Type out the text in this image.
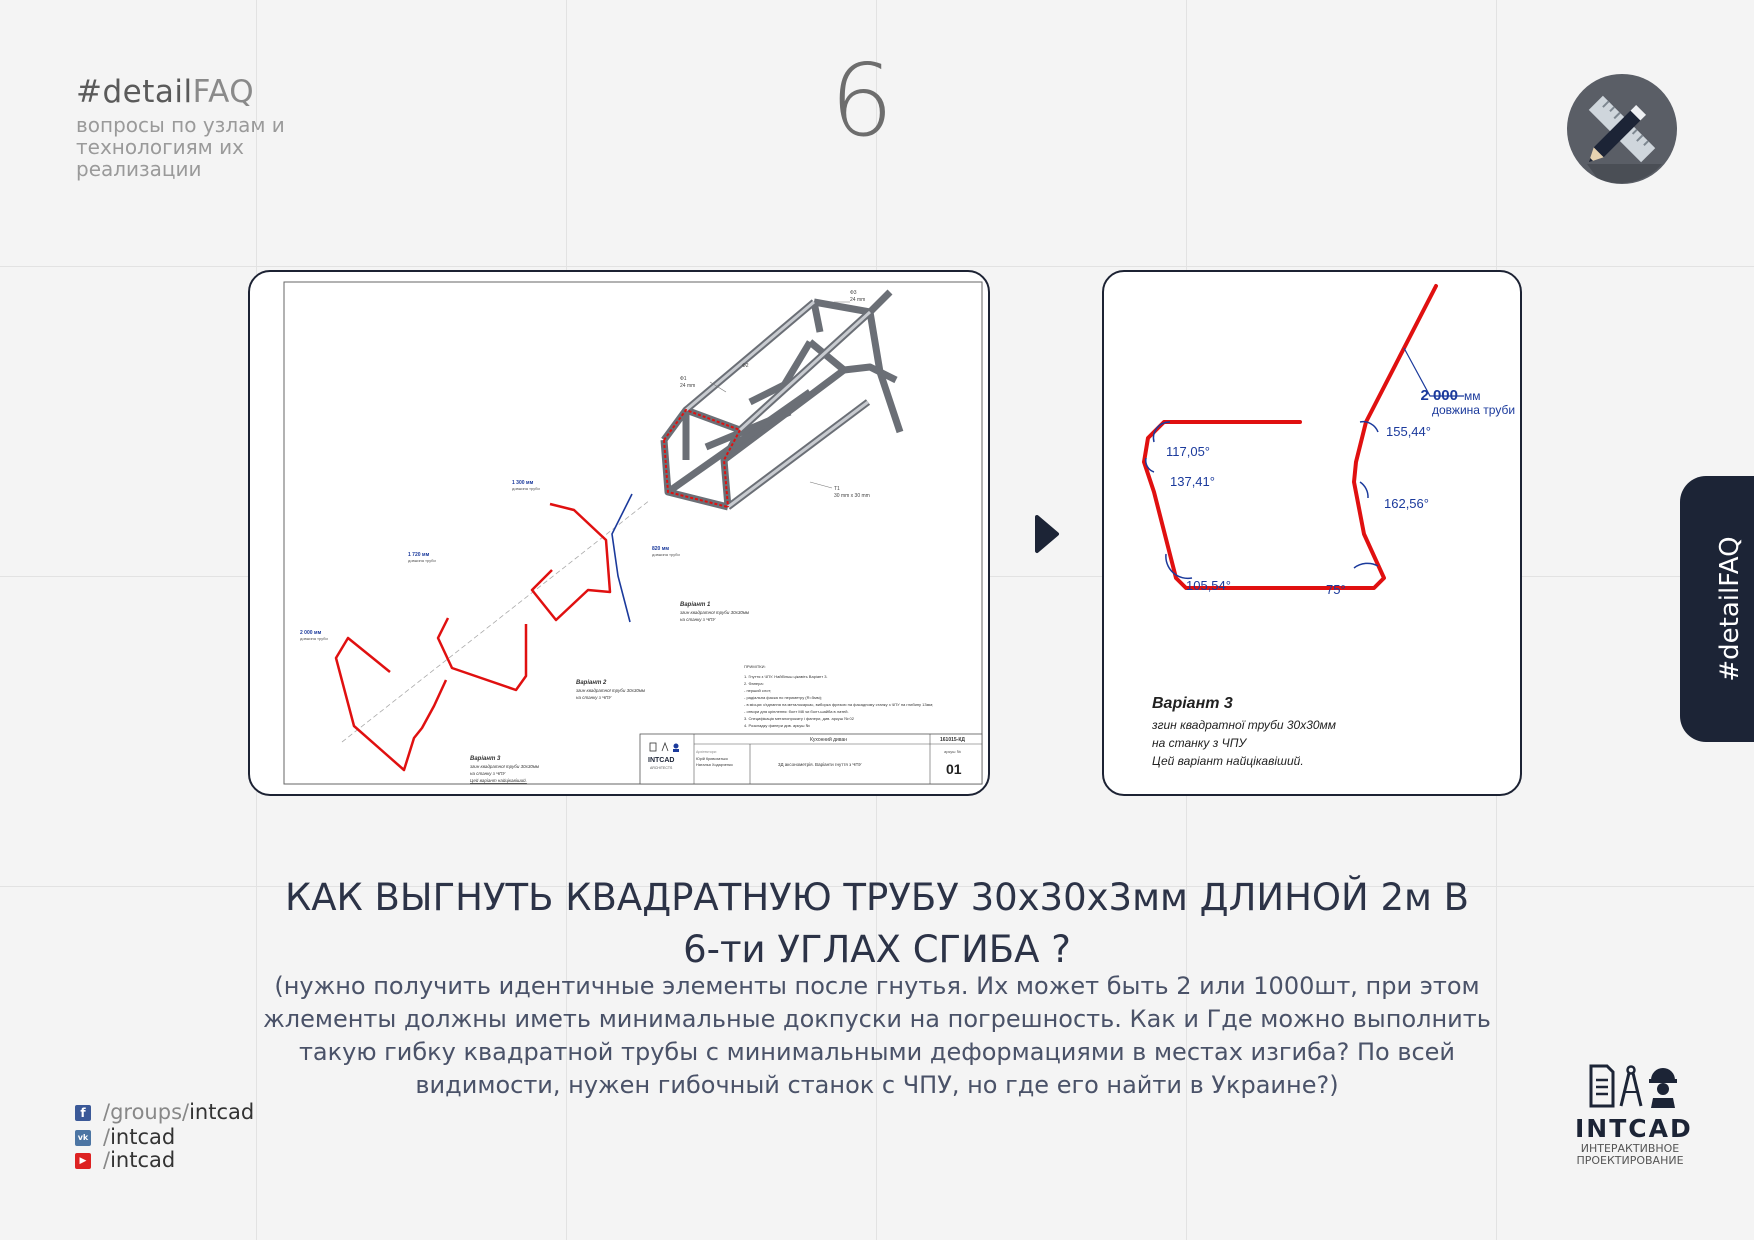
#detailFAQ
вопросы по узлам и технологиям их реализации
6
Ф3
24 mm
Ф2
Ф1
24 mm
Т1
30 mm x 30 mm
1 300 мм
1 720 мм
2 000 мм
820 мм
довжина труби
довжина труби
довжина труби
довжина труби
Варіант 1
згин квадратної труби 30х30мм
на станку з ЧПУ
Варіант 2
згин квадратної труби 30х30мм
на станку з ЧПУ
Варіант 3
згин квадратної труби 30х30мм
на станку з ЧПУ
Цей варіант найцікавіший.
ПРИМІТКИ:
1. Гнуття з ЧПУ. Найбільш цікавіть Варіант 3.
2. Фанера:
- перший слот;
- радіальна фаска по периметру (R=5мм);
- в місцях з'єднання на металокаркас, виборка фрезою на фасадному станку з ЧПУ на глибину 13мм;
- отвори для кріплення: болт М8 чи болт-шайба в латей.
3. Специфікація металопрокату і фанери, див. аркуш № 02
4. Розкладку фанери див. аркуш №
Кухонний диван	161015-КД
аркуш №
01
3Д аксонометрія. Варіанти гнуття з ЧПУ
Архітектори:
Юрій Кривохатько
Наталья Ходарченко
INTCAD
ARCHITECTS
2 000 мм
довжина труби
117,05°
137,41°
105,54°	75°
162,56°
155,44°
Варіант 3
згин квадратної труби 30х30мм
на станку з ЧПУ
Цей варіант найцікавіший.
#detailFAQ
КАК ВЫГНУТЬ КВАДРАТНУЮ ТРУБУ 30х30х3мм ДЛИНОЙ 2м В
6-ти УГЛАХ СГИБА ?
(нужно получить идентичные элементы после гнутья. Их может быть 2 или 1000шт, при этом жлементы должны иметь минимальные докпуски на погрешность. Как и Где можно выполнить такую гибку квадратной трубы с минимальными деформациями в местах изгиба? По всей видимости, нужен гибочный станок с ЧПУ, но где его найти в Украине?)
f /groups/intcad
vk /intcad
▶ /intcad
INTCAD
ИНТЕРАКТИВНОЕ ПРОЕКТИРОВАНИЕ
